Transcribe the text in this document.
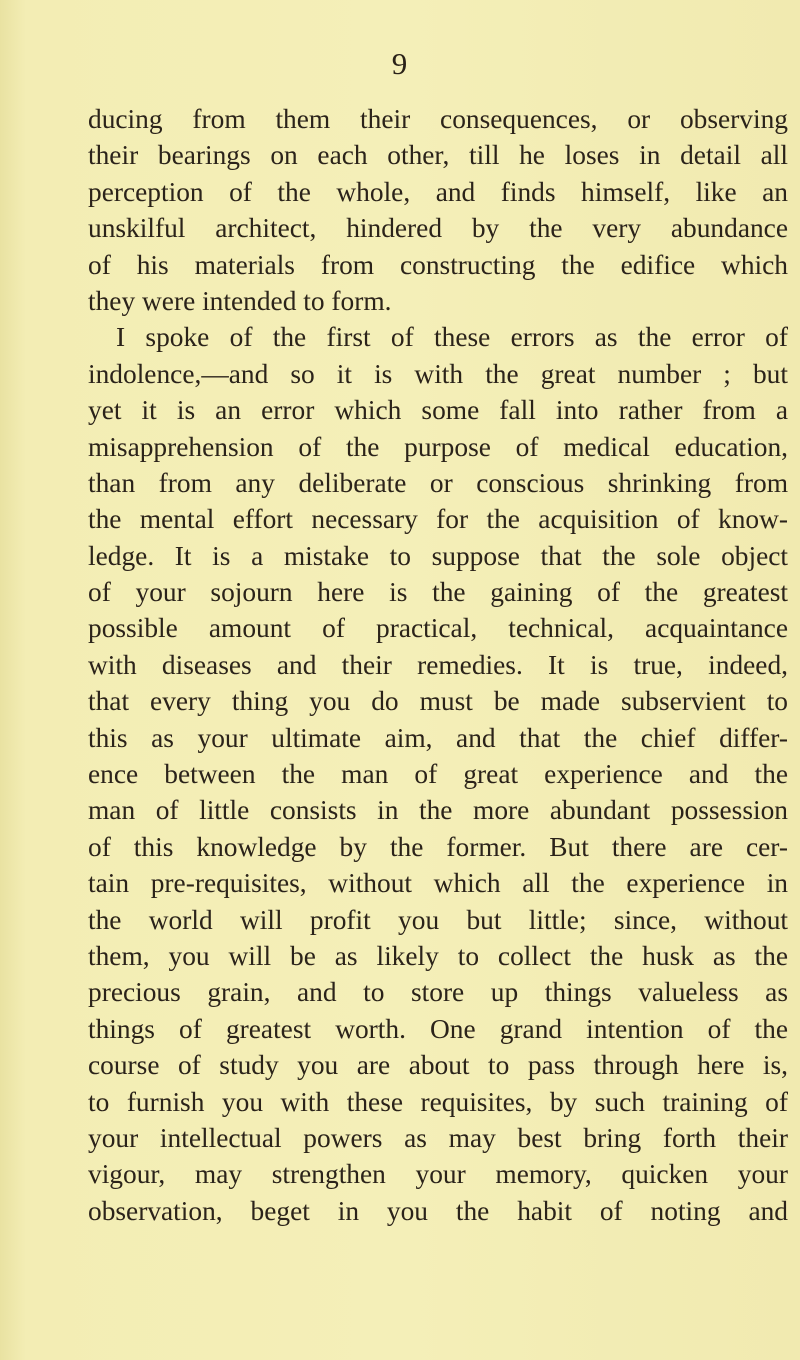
9
ducing from them their consequences, or observing
their bearings on each other, till he loses in detail all
perception of the whole, and finds himself, like an
unskilful architect, hindered by the very abundance
of his materials from constructing the edifice which
they were intended to form.
I spoke of the first of these errors as the error of
indolence,—and so it is with the great number ; but
yet it is an error which some fall into rather from a
misapprehension of the purpose of medical education,
than from any deliberate or conscious shrinking from
the mental effort necessary for the acquisition of know-
ledge. It is a mistake to suppose that the sole object
of your sojourn here is the gaining of the greatest
possible amount of practical, technical, acquaintance
with diseases and their remedies. It is true, indeed,
that every thing you do must be made subservient to
this as your ultimate aim, and that the chief differ-
ence between the man of great experience and the
man of little consists in the more abundant possession
of this knowledge by the former. But there are cer-
tain pre-requisites, without which all the experience in
the world will profit you but little; since, without
them, you will be as likely to collect the husk as the
precious grain, and to store up things valueless as
things of greatest worth. One grand intention of the
course of study you are about to pass through here is,
to furnish you with these requisites, by such training of
your intellectual powers as may best bring forth their
vigour, may strengthen your memory, quicken your
observation, beget in you the habit of noting and
